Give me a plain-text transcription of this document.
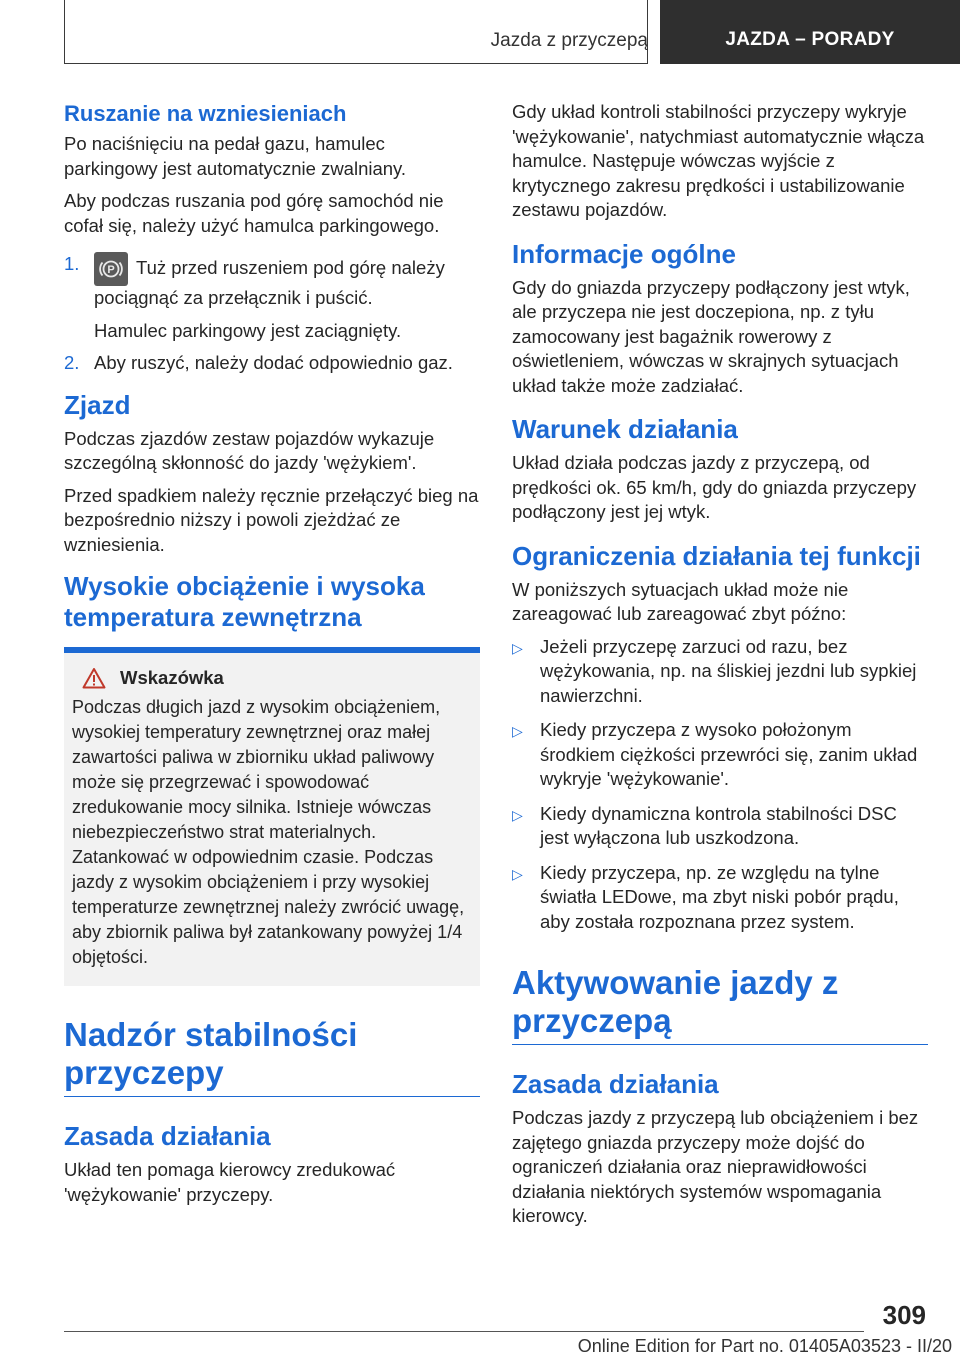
Jazda z przyczepą	JAZDA – PORADY
Ruszanie na wzniesieniach

Po naciśnięciu na pedał gazu, hamulec parkingowy jest automatycznie zwalniany.

Aby podczas ruszania pod górę samochód nie cofał się, należy użyć hamulca parkingowego.

1.	P Tuż przed ruszeniem pod górę należy pociągnąć za przełącznik i puścić.
Hamulec parkingowy jest zaciągnięty.
2. Aby ruszyć, należy dodać odpowiednio gaz.
Zjazd

Podczas zjazdów zestaw pojazdów wykazuje szczególną skłonność do jazdy 'wężykiem'.

Przed spadkiem należy ręcznie przełączyć bieg na bezpośrednio niższy i powoli zjeżdżać ze wzniesienia.

Wysokie obciążenie i wysoka temperatura zewnętrzna
Wskazówka

Podczas długich jazd z wysokim obciążeniem, wysokiej temperatury zewnętrznej oraz małej zawartości paliwa w zbiorniku układ paliwowy może się przegrzewać i spowodować zredukowanie mocy silnika. Istnieje wówczas niebezpieczeństwo strat materialnych. Zatankować w odpowiednim czasie. Podczas jazdy z wysokim obciążeniem i przy wysokiej temperaturze zewnętrznej należy zwrócić uwagę, aby zbiornik paliwa był zatankowany powyżej 1/4 objętości.

Nadzór stabilności przyczepy
Zasada działania

Układ ten pomaga kierowcy zredukować 'wężykowanie' przyczepy.

Gdy układ kontroli stabilności przyczepy wykryje 'wężykowanie', natychmiast automatycznie włącza hamulce. Następuje wówczas wyjście z krytycznego zakresu prędkości i ustabilizowanie zestawu pojazdów.

Informacje ogólne

Gdy do gniazda przyczepy podłączony jest wtyk, ale przyczepa nie jest doczepiona, np. z tyłu zamocowany jest bagażnik rowerowy z oświetleniem, wówczas w skrajnych sytuacjach układ także może zadziałać.

Warunek działania

Układ działa podczas jazdy z przyczepą, od prędkości ok. 65 km/h, gdy do gniazda przyczepy podłączony jest jej wtyk.

Ograniczenia działania tej funkcji

W poniższych sytuacjach układ może nie zareagować lub zareagować zbyt późno:

▷ Jeżeli przyczepę zarzuci od razu, bez wężykowania, np. na śliskiej jezdni lub sypkiej nawierzchni.
▷ Kiedy przyczepa z wysoko położonym środkiem ciężkości przewróci się, zanim układ wykryje 'wężykowanie'.
▷ Kiedy dynamiczna kontrola stabilności DSC jest wyłączona lub uszkodzona.
▷ Kiedy przyczepa, np. ze względu na tylne światła LEDowe, ma zbyt niski pobór prądu, aby została rozpoznana przez system.
Aktywowanie jazdy z przyczepą
Zasada działania

Podczas jazdy z przyczepą lub obciążeniem i bez zajętego gniazda przyczepy może dojść do ograniczeń działania oraz nieprawidłowości działania niektórych systemów wspomagania kierowcy.

309
Online Edition for Part no. 01405A03523 - II/20
